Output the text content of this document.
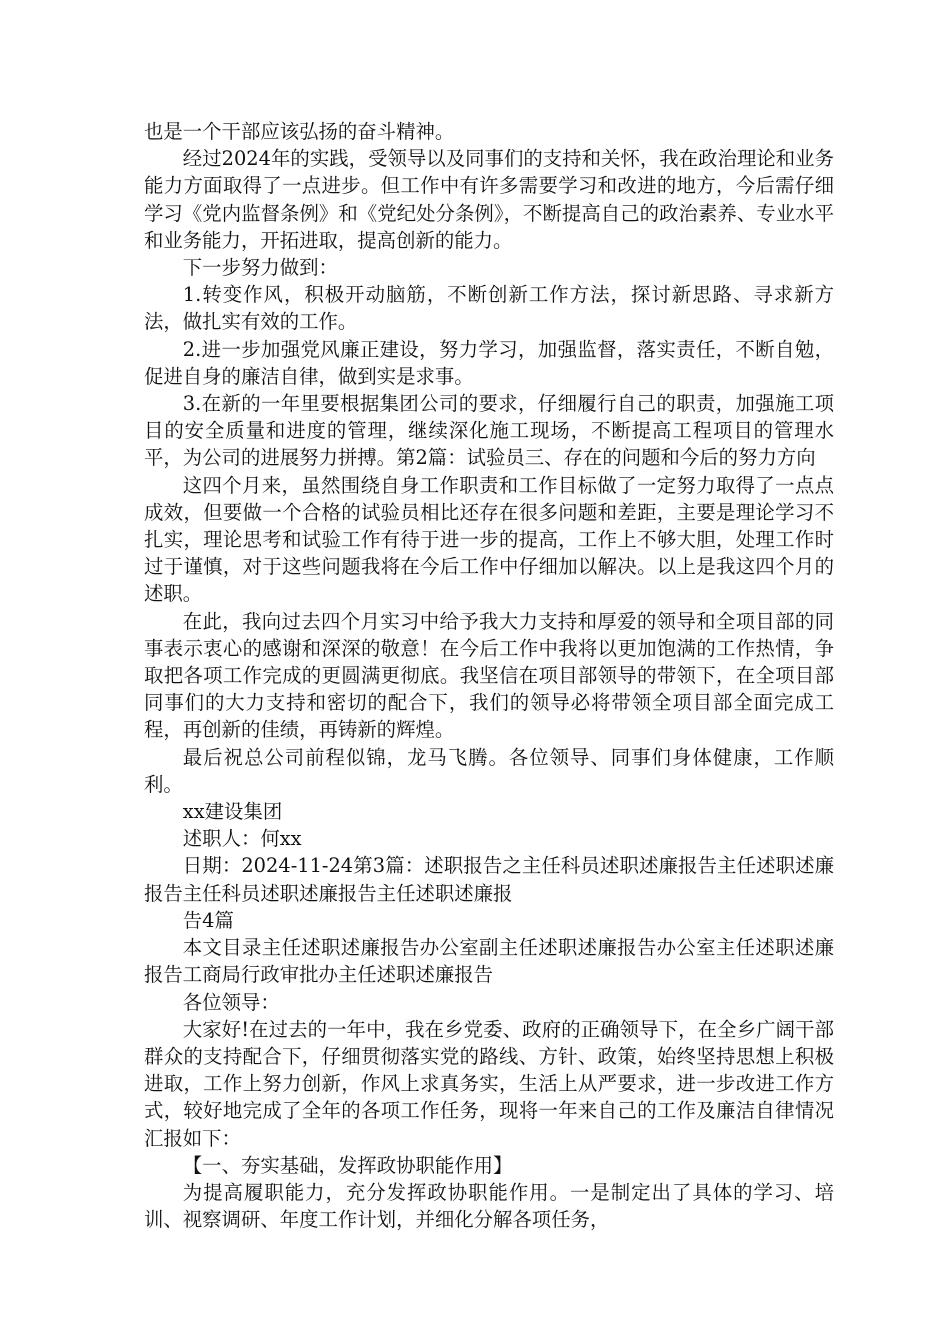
也是一个干部应该弘扬的奋斗精神。

经过2024年的实践，受领导以及同事们的支持和关怀，我在政治理论和业务能力方面取得了一点进步。但工作中有许多需要学习和改进的地方，今后需仔细学习《党内监督条例》和《党纪处分条例》，不断提高自己的政治素养、专业水平和业务能力，开拓进取，提高创新的能力。

下一步努力做到：

1.转变作风，积极开动脑筋，不断创新工作方法，探讨新思路、寻求新方法，做扎实有效的工作。

2.进一步加强党风廉正建设，努力学习，加强监督，落实责任，不断自勉，促进自身的廉洁自律，做到实是求事。

3.在新的一年里要根据集团公司的要求，仔细履行自己的职责，加强施工项目的安全质量和进度的管理，继续深化施工现场，不断提高工程项目的管理水平，为公司的进展努力拼搏。第2篇：试验员三、存在的问题和今后的努力方向

这四个月来，虽然围绕自身工作职责和工作目标做了一定努力取得了一点点成效，但要做一个合格的试验员相比还存在很多问题和差距，主要是理论学习不扎实，理论思考和试验工作有待于进一步的提高，工作上不够大胆，处理工作时过于谨慎，对于这些问题我将在今后工作中仔细加以解决。以上是我这四个月的述职。

在此，我向过去四个月实习中给予我大力支持和厚爱的领导和全项目部的同事表示衷心的感谢和深深的敬意！在今后工作中我将以更加饱满的工作热情，争取把各项工作完成的更圆满更彻底。我坚信在项目部领导的带领下，在全项目部同事们的大力支持和密切的配合下，我们的领导必将带领全项目部全面完成工程，再创新的佳绩，再铸新的辉煌。

最后祝总公司前程似锦，龙马飞腾。各位领导、同事们身体健康，工作顺利。

xx建设集团

述职人：何xx

日期：2024-11-24第3篇：述职报告之主任科员述职述廉报告主任述职述廉报告主任科员述职述廉报告主任述职述廉报

告4篇

本文目录主任述职述廉报告办公室副主任述职述廉报告办公室主任述职述廉报告工商局行政审批办主任述职述廉报告

各位领导：

大家好!在过去的一年中，我在乡党委、政府的正确领导下，在全乡广阔干部群众的支持配合下，仔细贯彻落实党的路线、方针、政策，始终坚持思想上积极进取，工作上努力创新，作风上求真务实，生活上从严要求，进一步改进工作方式，较好地完成了全年的各项工作任务，现将一年来自己的工作及廉洁自律情况汇报如下：

【一、夯实基础，发挥政协职能作用】

为提高履职能力，充分发挥政协职能作用。一是制定出了具体的学习、培训、视察调研、年度工作计划，并细化分解各项任务，
